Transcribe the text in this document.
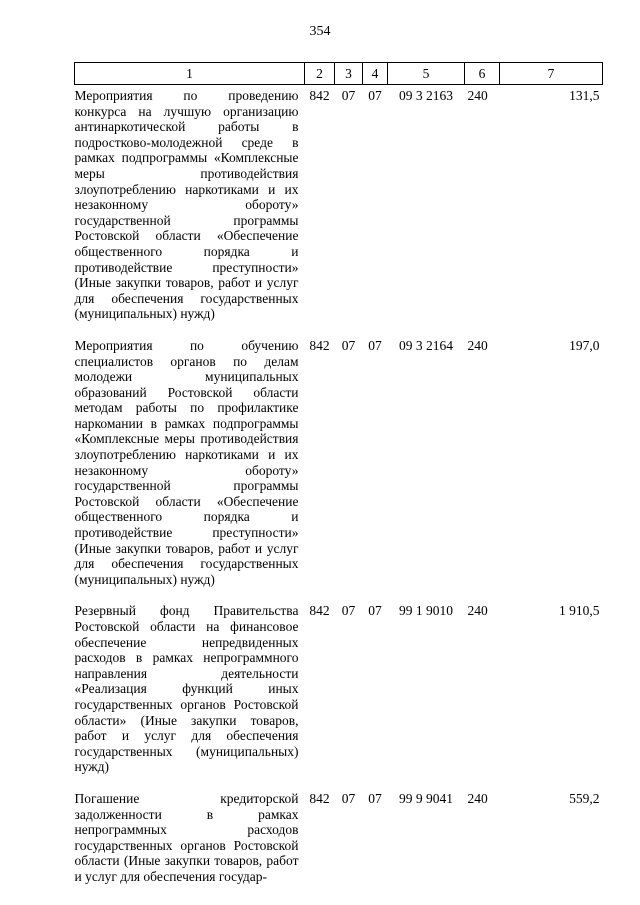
354
1	2	3	4	5	6	7

Мероприятия по проведению конкурса на лучшую организацию антинаркотической работы в подростково-молодежной среде в рамках подпрограммы «Комплексные меры противодействия злоупотреблению наркотиками и их незаконному обороту» государственной программы Ростовской области «Обеспечение общественного порядка и противодействие преступности» (Иные закупки товаров, работ и услуг для обеспечения государственных (муниципальных) нужд)	842	07	07	09 3 2163	240	131,5

Мероприятия по обучению специалистов органов по делам молодежи муниципальных образований Ростовской области методам работы по профилактике наркомании в рамках подпрограммы «Комплексные меры противодействия злоупотреблению наркотиками и их незаконному обороту» государственной программы Ростовской области «Обеспечение общественного порядка и противодействие преступности» (Иные закупки товаров, работ и услуг для обеспечения государственных (муниципальных) нужд)	842	07	07	09 3 2164	240	197,0

Резервный фонд Правительства Ростовской области на финансовое обеспечение непредвиденных расходов в рамках непрограммного направления деятельности «Реализация функций иных государственных органов Ростовской области» (Иные закупки товаров, работ и услуг для обеспечения государственных (муниципальных) нужд)	842	07	07	99 1 9010	240	1 910,5

Погашение кредиторской задолженности в рамках непрограммных расходов государственных органов Ростовской области (Иные закупки товаров, работ и услуг для обеспечения государ-	842	07	07	99 9 9041	240	559,2
